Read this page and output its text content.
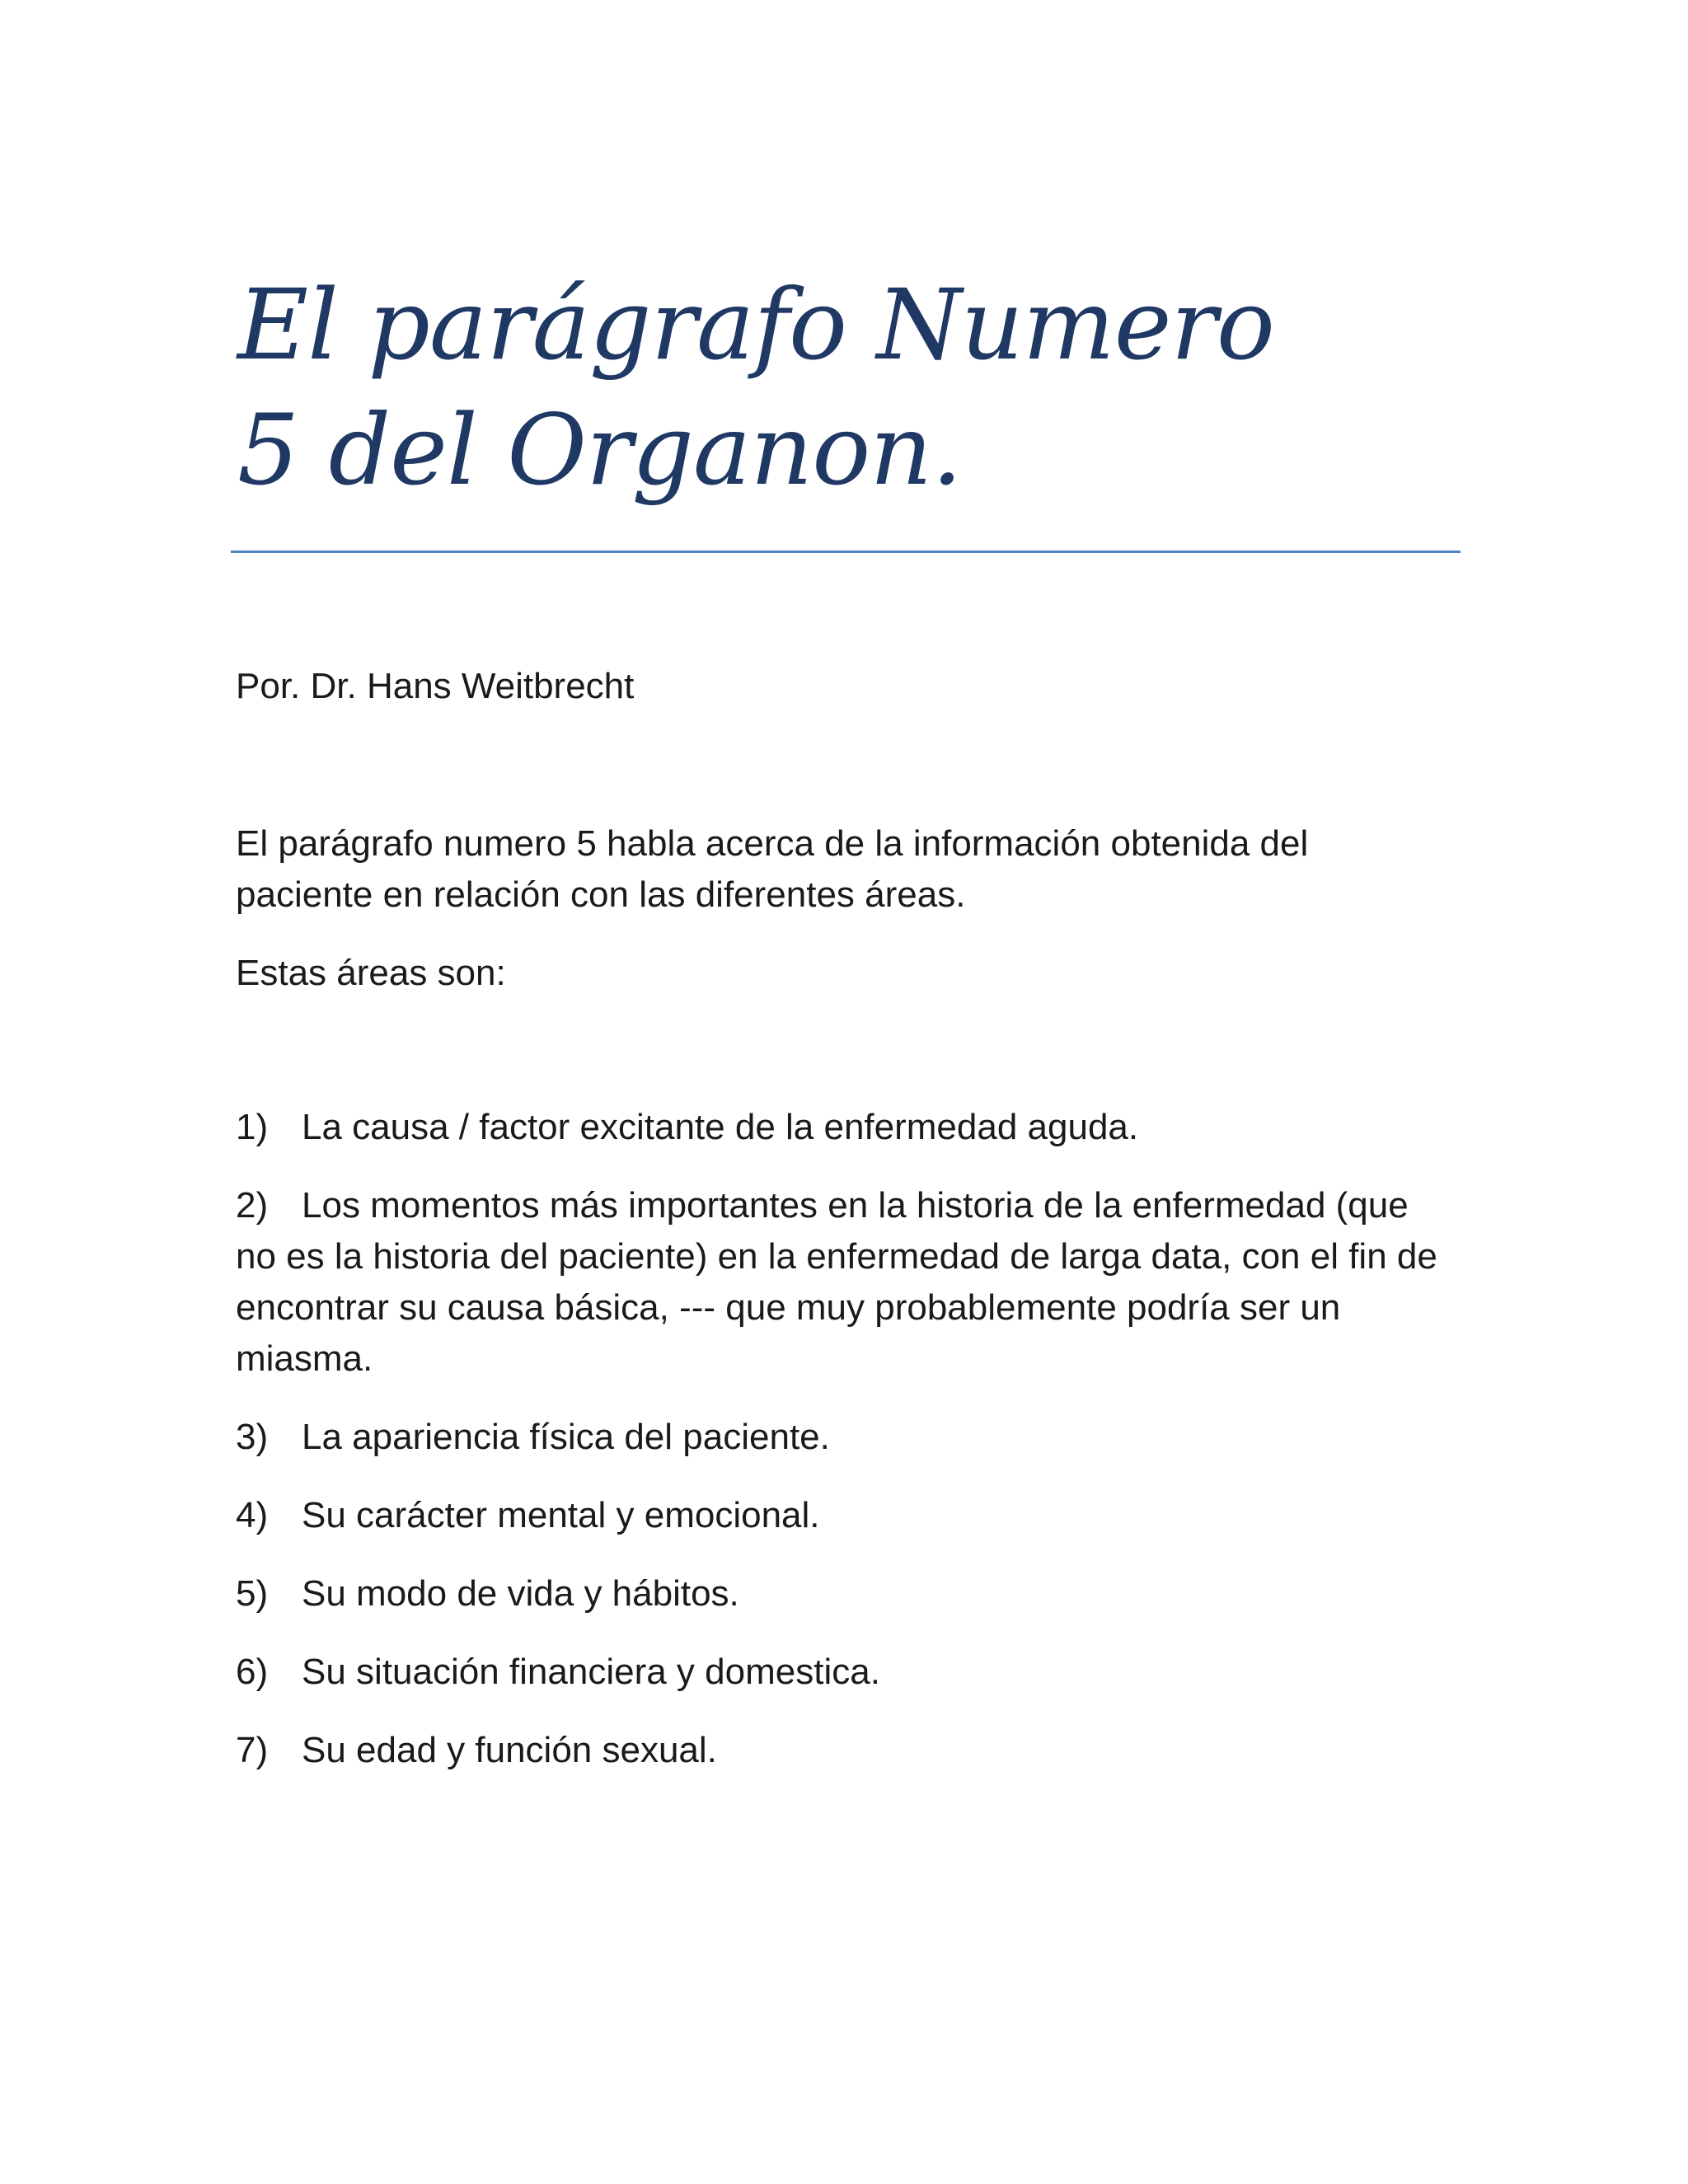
El parágrafo Numero
5 del Organon.

Por. Dr. Hans Weitbrecht

El parágrafo numero 5 habla acerca de la información obtenida del paciente en relación con las diferentes áreas.

Estas áreas son:

1) La causa / factor excitante de la enfermedad aguda.
2) Los momentos más importantes en la historia de la enfermedad (que no es la historia del paciente) en la enfermedad de larga data, con el fin de encontrar su causa básica, --- que muy probablemente podría ser un miasma.
3) La apariencia física del paciente.
4) Su carácter mental y emocional.
5) Su modo de vida y hábitos.
6) Su situación financiera y domestica.
7) Su edad y función sexual.
